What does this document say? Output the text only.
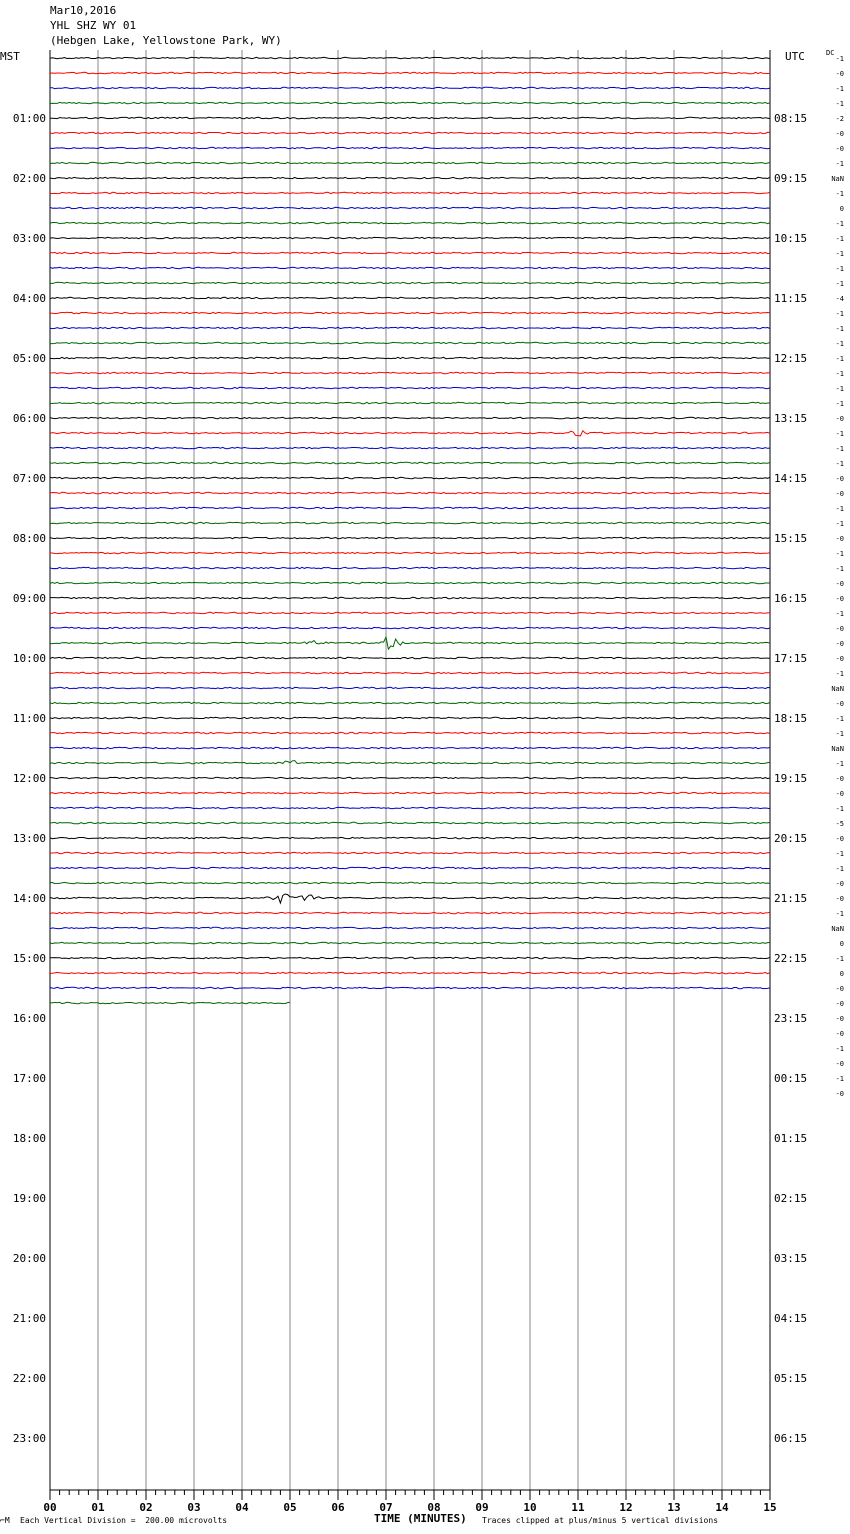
Mar10,2016
YHL SHZ WY 01
(Hebgen Lake, Yellowstone Park, WY)
MST	UTC
00	01	02	03	04	05	06	07	08	09	10	11	12	13	14	15
01:00
02:00
03:00
04:00
05:00
06:00
07:00
08:00
09:00
10:00
11:00
12:00
13:00
14:00
15:00
16:00
17:00
18:00
19:00
20:00
21:00
22:00
23:00
08:15
09:15
10:15
11:15
12:15
13:15
14:15
15:15
16:15
17:15
18:15
19:15
20:15
21:15
22:15
23:15
00:15
01:15
02:15
03:15
04:15
05:15
06:15
-1
-0
-1
-1
-2
-0
-0
-1
NaN
-1
0
-1
-1
-1
-1
-1
-4
-1
-1
-1
-1
-1
-1
-1
-0
-1
-1
-1
-0
-0
-1
-1
-0
-1
-1
-0
-0
-1
-0
-0
-0
-1
NaN
-0
-1
-1
NaN
-1
-0
-0
-1
-5
-0
-1
-1
-0
-0
-1
NaN
0
-1
0
-0
-0
-0
-0
-1
-0
-1
-0
⌐M Each Vertical Division =  200.00 microvolts	TIME (MINUTES) Traces clipped at plus/minus 5 vertical divisions
DC
